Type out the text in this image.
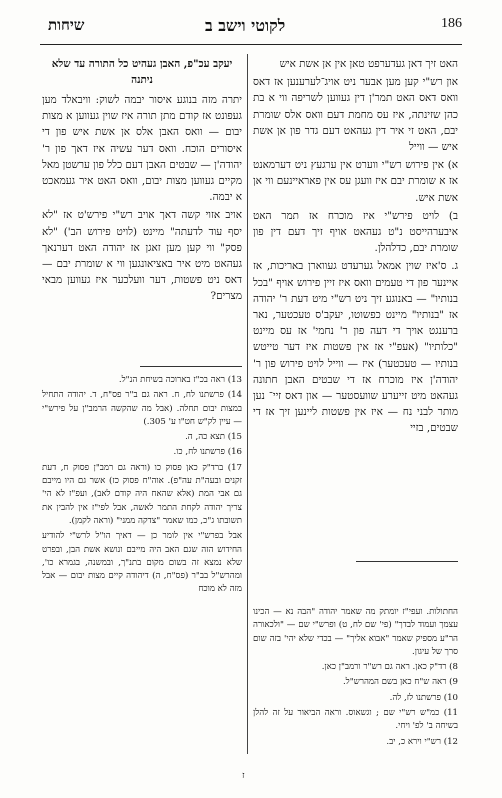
שיחות	לקוטי וישב ב	186

האט זיך דאן געדערפט טאן אין אן אשת איש

און רש"י קען מען אבער ניט אויג־לערענען אז דאס וואס דאס האט תמר'ן דין געווען לשריפה ווי א בת כהן שזינתה, איז עס מחמת דעם וואס אלס שומרת יבם, האט זי איר דין געהאט דעם גדר פון אן אשת איש — ווייל

א) אין פירוש רש"י ווערט אין ערגעץ ניט דערמאנט אז א שומרת יבם איז וועגן עס אין פאראיינעם ווי אן אשת איש.

ב) לויט פירש"י איז מוכרח אז תמר האט איבערהייסט נ"ט געהאט אויף זיך דעם דין פון שומרת יבם, כדלהלן.

ג. ס'איז שוין אמאל גערעדט געווארן באריכות, אז איינער פון די טעמים וואס איז זיין פירוש אויף "בכל בנותיו" — באנוגע זיך ניט רש"י מיט דעת ר' יהודה אז "בנותיו" מיינט כפשוטו, יעקב'ס טעכטער, נאר ברענגט אויך די דעה פון ר' נחמי' אז עס מיינט "כלותיו" (אעפ"י אז אין פשטות איז דער טייטש בנותיו — טעכטער) איז — ווייל לויט פירוש פון ר' יהודה'ן איז מוכרח אז די שבטים האבן חתונה געהאט מיט זייערע שוועסטער — און דאס זיי־ נען מותר לבני נח — איז אין פשטות ליינען זיך אז די שבטים, בזיי

יעקב עכ"פ, האבן געהיט כל התורה עד שלא ניתנה

יתרה מזה בנוגע איסור יבמה לשוק: וויבאלד מען געפונט אז קודם מתן תורה איז שוין געווען א מצות יבום — וואס האבן אלס אן אשת איש פון די איסורים הוכח. וואס דער עשיה איז דאך פון ר' יהודה'ן — שבטים האבן דעם כלל פון ערשטן מאל מקיים געווען מצות יבום, וואס האט איר געמאכט א יבמה.

אויב אזוי קשה דאך אויב רש"י פירש'ט אז "לא יסף עוד לדעתה" מיינט (לויט פירוש הב') "לא פסק" ווי קען מען זאגן אז יהודה האט דערנאך געהאט מיט איר באציאונגען ווי א שומרת יבם — דאס ניט פשטות, דער וועלכער איז געווען מבאי מצרים?

13) ראה בכ"ז בארוכה בשיחת הנ"ל.

14) פרשתנו לח, ח. ראה גם ב"ר פס"ח, ד. יהודה התחיל במצות יבום תחלה. (אבל מה שהקשה הרמב"ן על פירש"י — עיין לק"ש חט"ו ע' 305.)

15) תצא כה, ה.

16) פרשתנו לח, כו.

17) ברד"ק כאן פסוק כו (וראה גם רמב"ן פסוק ח, דעת זקנים ובעה"ת עה"פ). אוה"ח פסוק כז) אשר גם היו מייבם גם אבי המת (אלא שהאח היה קודם לאב), ועפ"ז לא הי' צריך יהודה לקחת התמר לאשה, אבל לפי"ז אין להבין את תשובתו ג"כ, כמו שאמר "צדקה ממני" (וראה לקמן).

אבל בפרש"י אין לומר כן — דאיך הו"ל לרש"י להודיע החידוש הזה שגם האב היה מייבם ונושא אשת הבן, ובפרט שלא נמצא זה בשום מקום בתנ"ך, ובמשנה, בגמרא כו', ומהרש"ל בב"ר (פס"ח, ה) דיהודה קיים מצות יבום — אבל מזה לא מוכח

החתולות. ועפי"ז יומתק מה שאמר יהודה "הבה נא — הכינו עצמך ועמוד לבדך" (פי' שם לח, ט) ופרש"י שם — "ולכאורה הר"ע מספיק שאמר "אבוא אליך" — בכדי שלא יהי' בזה שום סרך של עיגון.

8) רד"ק כאן. ראה גם רש"ר ורמב"ן כאן.

9) ראה ש"ח כאן בשם המהרש"ל.

10) פרשתנו לז, לה.

11) כמ"ש רש"י שם ; וגשאוס. וראה הביאור על זה להלן בשיחה ב' לפ' ויחי.

12) רש"י וירא כ, יב.

ז
